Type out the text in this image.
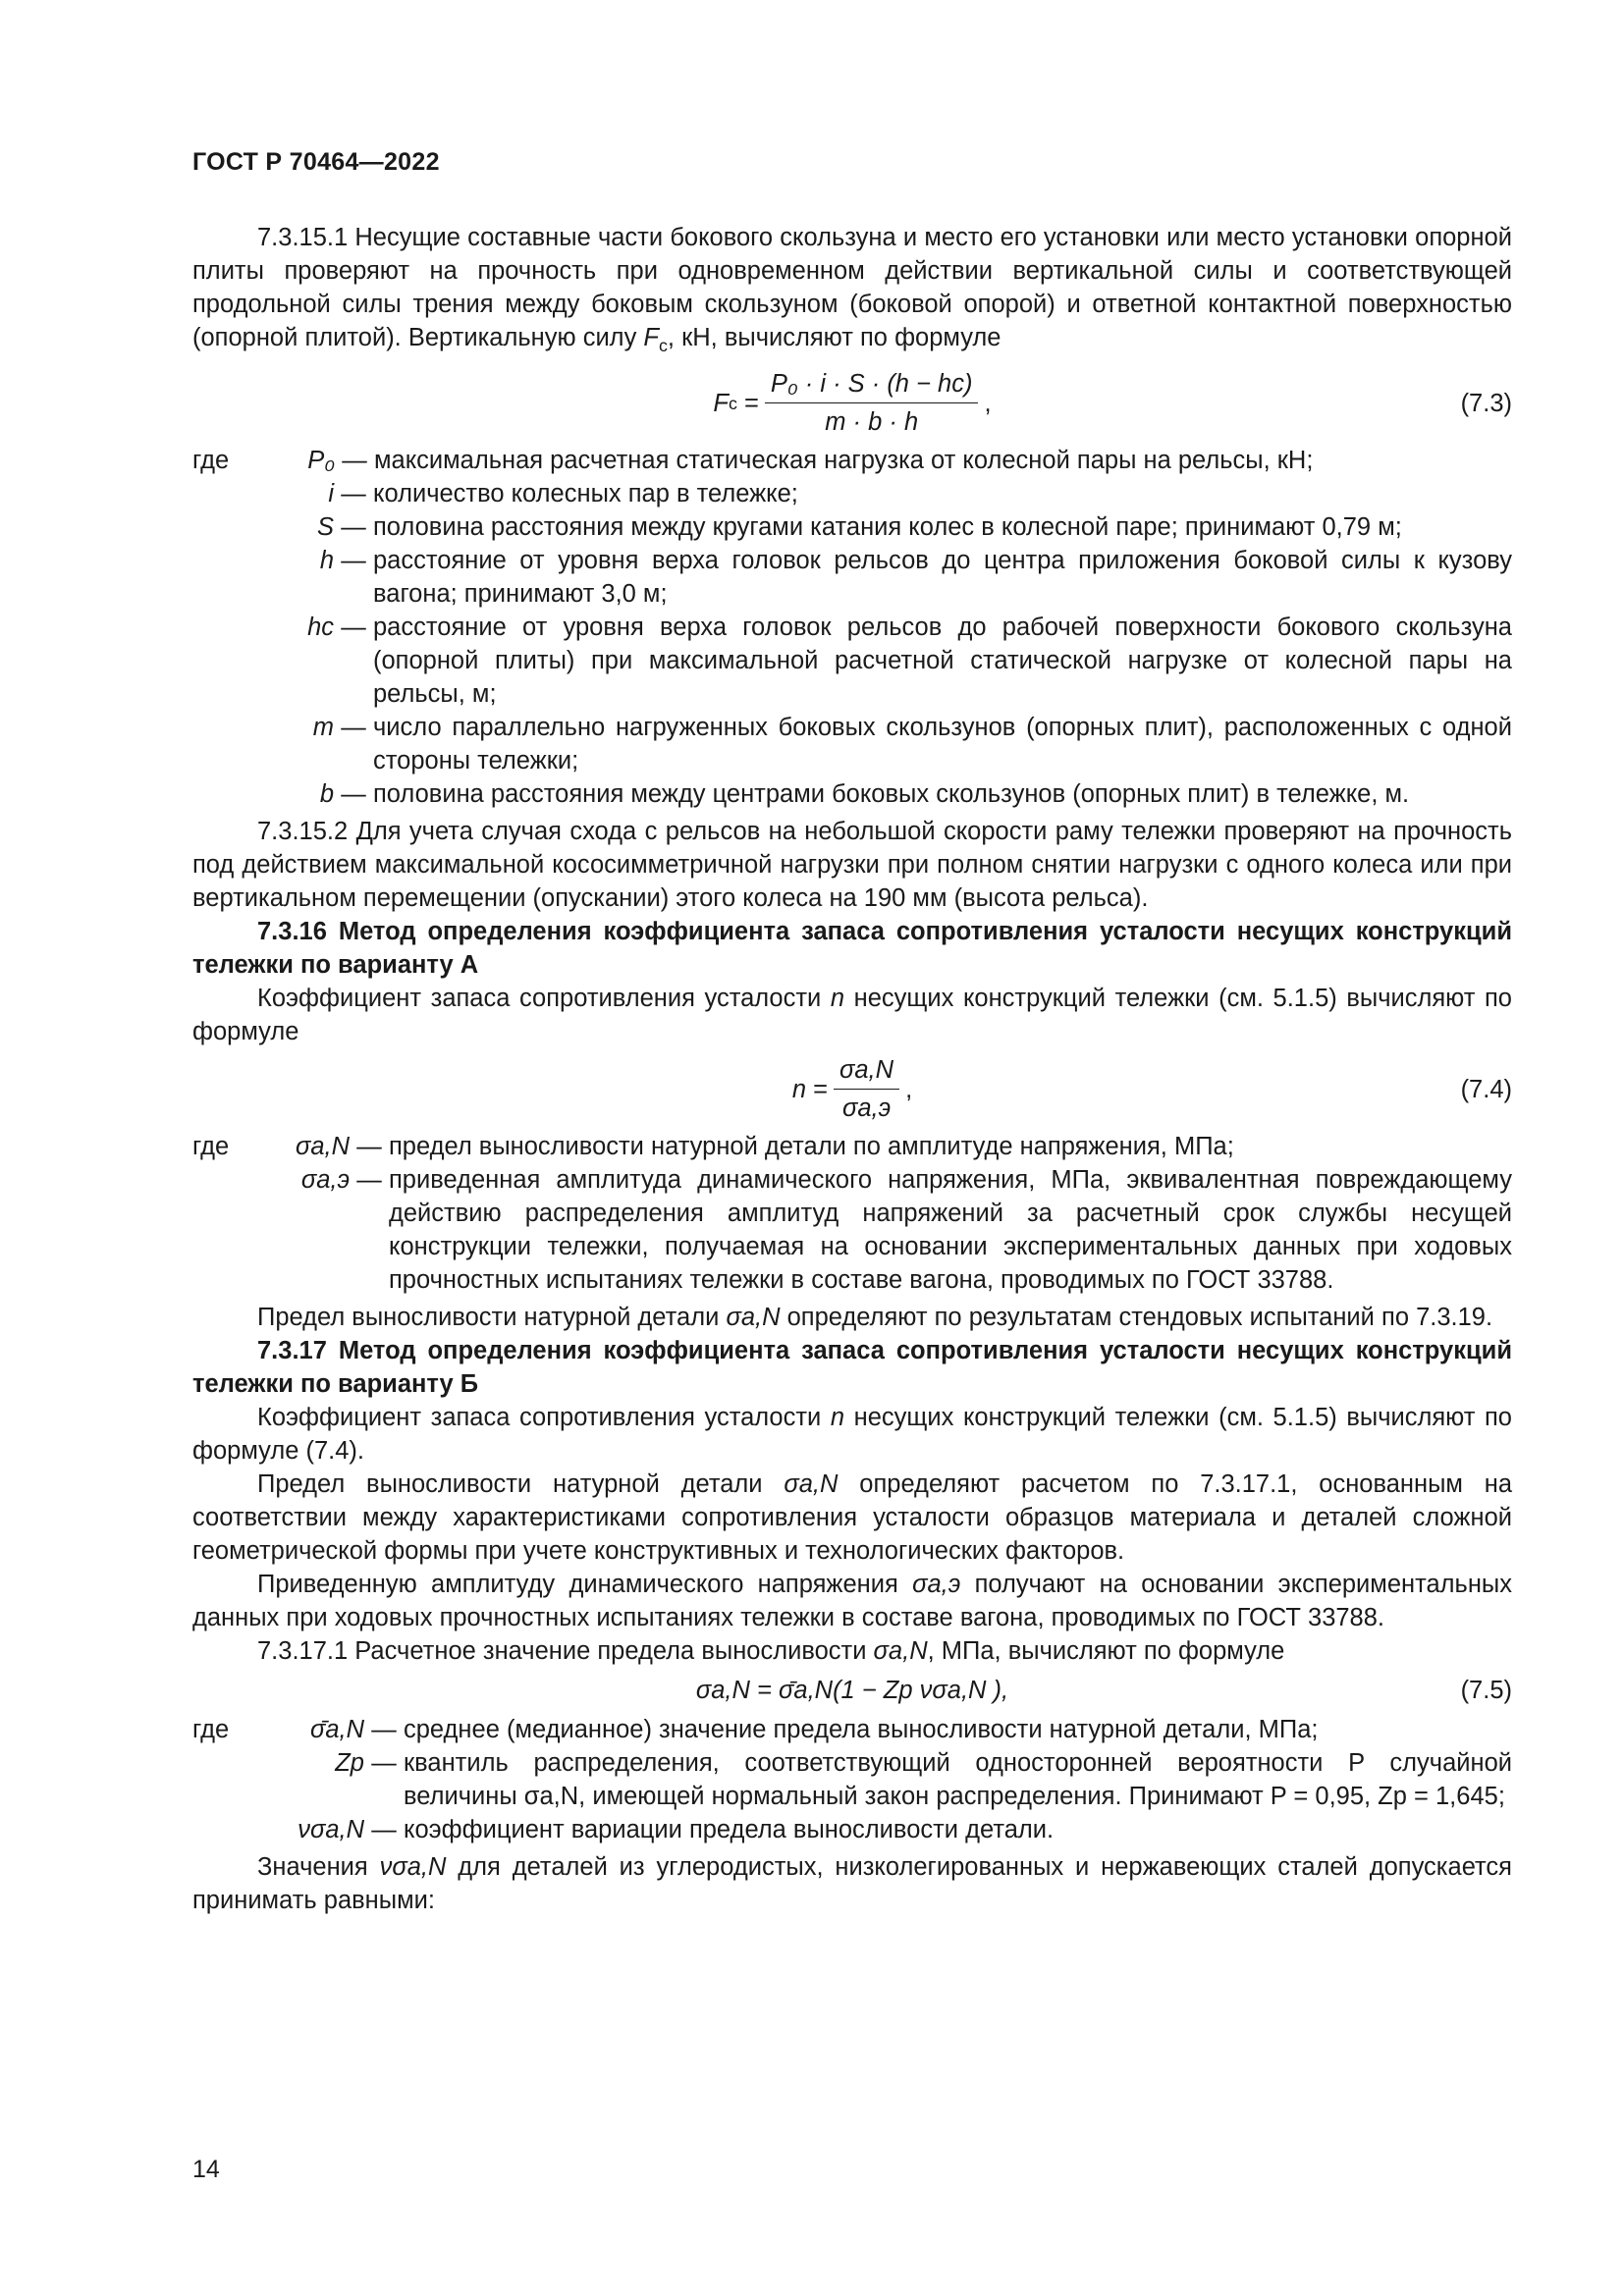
ГОСТ Р 70464—2022

7.3.15.1 Несущие составные части бокового скользуна и место его установки или место установки опорной плиты проверяют на прочность при одновременном действии вертикальной силы и соответствующей продольной силы трения между боковым скользуном (боковой опорой) и ответной контактной поверхностью (опорной плитой). Вертикальную силу $F_c$, кН, вычисляют по формуле

F $c = \frac{\text{P₀ · i · S · (h − hc)}}{m \cdot b \cdot h}$ ,	(7.3)
где	P₀ — максимальная расчетная статическая нагрузка от колесной пары на рельсы, кН;
i — количество колесных пар в тележке;
S — половина расстояния между кругами катания колес в колесной паре; принимают 0,79 м;
h — расстояние от уровня верха головок рельсов до центра приложения боковой силы к кузову вагона; принимают 3,0 м;
hc — расстояние от уровня верха головок рельсов до рабочей поверхности бокового скользуна (опорной плиты) при максимальной расчетной статической нагрузке от колесной пары на рельсы, м;
m — число параллельно нагруженных боковых скользунов (опорных плит), расположенных с одной стороны тележки;
b — половина расстояния между центрами боковых скользунов (опорных плит) в тележке, м.

7.3.15.2 Для учета случая схода с рельсов на небольшой скорости раму тележки проверяют на прочность под действием максимальной кососимметричной нагрузки при полном снятии нагрузки с одного колеса или при вертикальном перемещении (опускании) этого колеса на 190 мм (высота рельса).

7.3.16 Метод определения коэффициента запаса сопротивления усталости несущих конструкций тележки по варианту А

Коэффициент запаса сопротивления усталости n несущих конструкций тележки (см. 5.1.5) вычисляют по формуле

$n = \frac{\sigma a,N}{\sigma a,э}$ ,	(7.4)
где	σa,N — предел выносливости натурной детали по амплитуде напряжения, МПа;
σa,э — приведенная амплитуда динамического напряжения, МПа, эквивалентная повреждающему действию распределения амплитуд напряжений за расчетный срок службы несущей конструкции тележки, получаемая на основании экспериментальных данных при ходовых прочностных испытаниях тележки в составе вагона, проводимых по ГОСТ 33788.

Предел выносливости натурной детали σa,N определяют по результатам стендовых испытаний по 7.3.19.

7.3.17 Метод определения коэффициента запаса сопротивления усталости несущих конструкций тележки по варианту Б

Коэффициент запаса сопротивления усталости n несущих конструкций тележки (см. 5.1.5) вычисляют по формуле (7.4).

Предел выносливости натурной детали σa,N определяют расчетом по 7.3.17.1, основанным на соответствии между характеристиками сопротивления усталости образцов материала и деталей сложной геометрической формы при учете конструктивных и технологических факторов.

Приведенную амплитуду динамического напряжения σa,э получают на основании экспериментальных данных при ходовых прочностных испытаниях тележки в составе вагона, проводимых по ГОСТ 33788.

7.3.17.1 Расчетное значение предела выносливости σa,N, МПа, вычисляют по формуле

σa,N
= σ̄a,N(1 − Zp νσa,N ),	(7.5)
где	σ̄a,N — среднее (медианное) значение предела выносливости натурной детали, МПа;
Zp — квантиль распределения, соответствующий односторонней вероятности P случайной величины σa,N, имеющей нормальный закон распределения. Принимают P = 0,95, Zp = 1,645;
νσa,N — коэффициент вариации предела выносливости детали.

Значения νσa,N для деталей из углеродистых, низколегированных и нержавеющих сталей допускается принимать равными:

14
